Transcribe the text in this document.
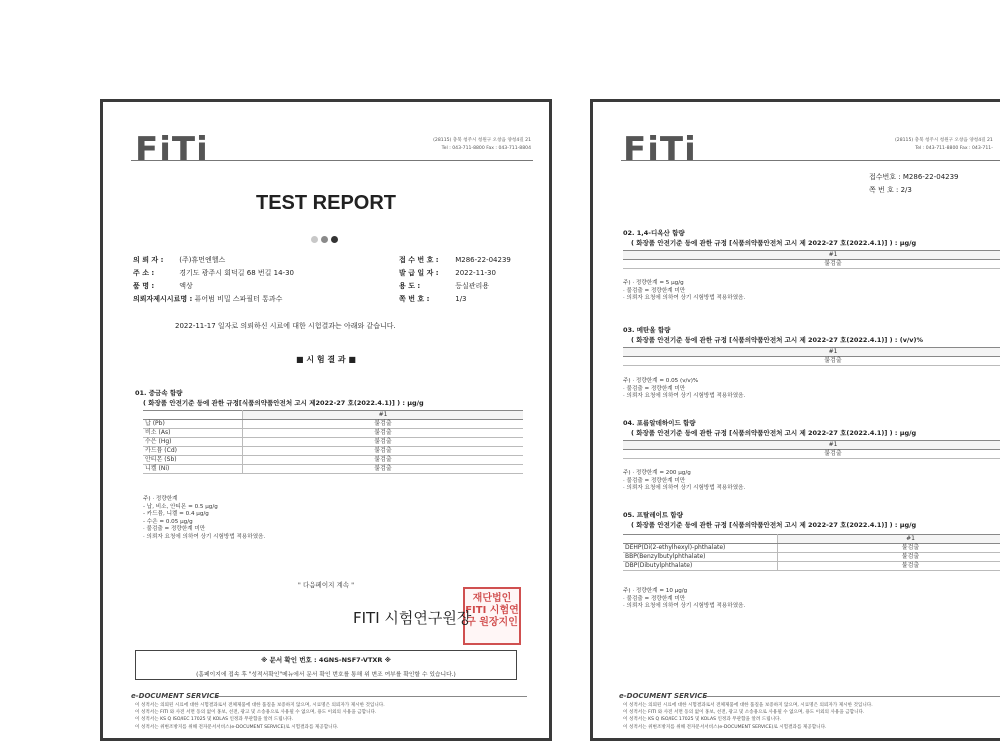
FiTi	(28115) 충북 청주시 청원구 오창읍 양청4길 21
Tel : 043-711-8800 Fax : 043-711-8804
TEST REPORT
의 뢰 자 : (주)휴먼엔헬스	접 수 번 호 : M286-22-04239
주 소 :	경기도 광주시 회덕길 68 번길 14-30	발 급 일 자 : 2022-11-30
품 명 :	액상	용 도 :	등실관리용
의뢰자제시시료명 : 퓨어범 비밀 스파필터 통과수	쪽 번 호 :	1/3
2022-11-17 일자로 의뢰하신 시료에 대한 시험결과는 아래와 같습니다.
■ 시 험 결 과 ■
01. 중금속 함량
( 화장품 안전기준 등에 관한 규정[식품의약품안전처 고시 제2022-27 호(2022.4.1)] ) : µg/g
	#1
납 (Pb)	불검출
비소 (As)	불검출
수은 (Hg)	불검출
카드뮴 (Cd)	불검출
안티몬 (Sb)	불검출
니켈 (Ni)	불검출
주) · 정량한계
- 납, 비소, 안티몬 = 0.5 µg/g
- 카드뮴, 니켈 = 0.4 µg/g
- 수은 = 0.05 µg/g
· 불검출 = 정량한계 미만
· 의뢰자 요청에 의하여 상기 시험방법 적용하였음.
" 다음페이지 계속 "
재단법인 FITI 시험연구 원장지인
FITI 시험연구원장
※ 문서 확인 번호 : 4GNS-NSF7-VTXR ※
(홈페이지에 접속 후 "성적서확인"메뉴에서 문서 확인 번호를 통해 위 변조 여부를 확인할 수 있습니다.)
e-DOCUMENT SERVICE
이 성적서는 의뢰된 시료에 대한 시험결과로서 전체제품에 대한 품질을 보증하지 않으며, 시료명은 의뢰자가 제시한 것입니다.
이 성적서는 FITI 와 사전 서면 동의 없이 홍보, 선전, 광고 및 소송용으로 사용될 수 없으며, 용도 이외의 사용을 금합니다.
이 성적서는 KS Q ISO/IEC 17025 및 KOLAS 인정과 무관함을 알려 드립니다.
이 성적서는 위변조방지를 위해 전자문서서비스(e-DOCUMENT SERVICE)로 시험결과를 제공합니다.
FiTi	(28115) 충북 청주시 청원구 오창읍 양청4길 21
Tel : 043-711-8800 Fax : 043-711-
접수번호 : M286-22-04239
쪽 번 호 : 2/3
02. 1,4-디옥산 함량
( 화장품 안전기준 등에 관한 규정 [식품의약품안전처 고시 제 2022-27 호(2022.4.1)] ) : µg/g
#1
불검출
주) · 정량한계 = 5 µg/g
· 불검출 = 정량한계 미만
· 의뢰자 요청에 의하여 상기 시험방법 적용하였음.
03. 메탄올 함량
( 화장품 안전기준 등에 관한 규정 [식품의약품안전처 고시 제 2022-27 호(2022.4.1)] ) : (v/v)%
#1
불검출
주) · 정량한계 = 0.05 (v/v)%
· 불검출 = 정량한계 미만
· 의뢰자 요청에 의하여 상기 시험방법 적용하였음.
04. 포름알데하이드 함량
( 화장품 안전기준 등에 관한 규정 [식품의약품안전처 고시 제 2022-27 호(2022.4.1)] ) : µg/g
#1
불검출
주) · 정량한계 = 200 µg/g
· 불검출 = 정량한계 미만
· 의뢰자 요청에 의하여 상기 시험방법 적용하였음.
05. 프탈레이트 함량
( 화장품 안전기준 등에 관한 규정 [식품의약품안전처 고시 제 2022-27 호(2022.4.1)] ) : µg/g
	#1
DEHP(Di(2-ethylhexyl)-phthalate)	불검출
BBP(Benzylbutylphthalate)	불검출
DBP(Dibutylphthalate)	불검출
주) · 정량한계 = 10 µg/g
· 불검출 = 정량한계 미만
· 의뢰자 요청에 의하여 상기 시험방법 적용하였음.
e-DOCUMENT SERVICE
이 성적서는 의뢰된 시료에 대한 시험결과로서 전체제품에 대한 품질을 보증하지 않으며, 시료명은 의뢰자가 제시한 것입니다.
이 성적서는 FITI 와 사전 서면 동의 없이 홍보, 선전, 광고 및 소송용으로 사용될 수 없으며, 용도 이외의 사용을 금합니다.
이 성적서는 KS Q ISO/IEC 17025 및 KOLAS 인정과 무관함을 알려 드립니다.
이 성적서는 위변조방지를 위해 전자문서서비스(e-DOCUMENT SERVICE)로 시험결과를 제공합니다.
